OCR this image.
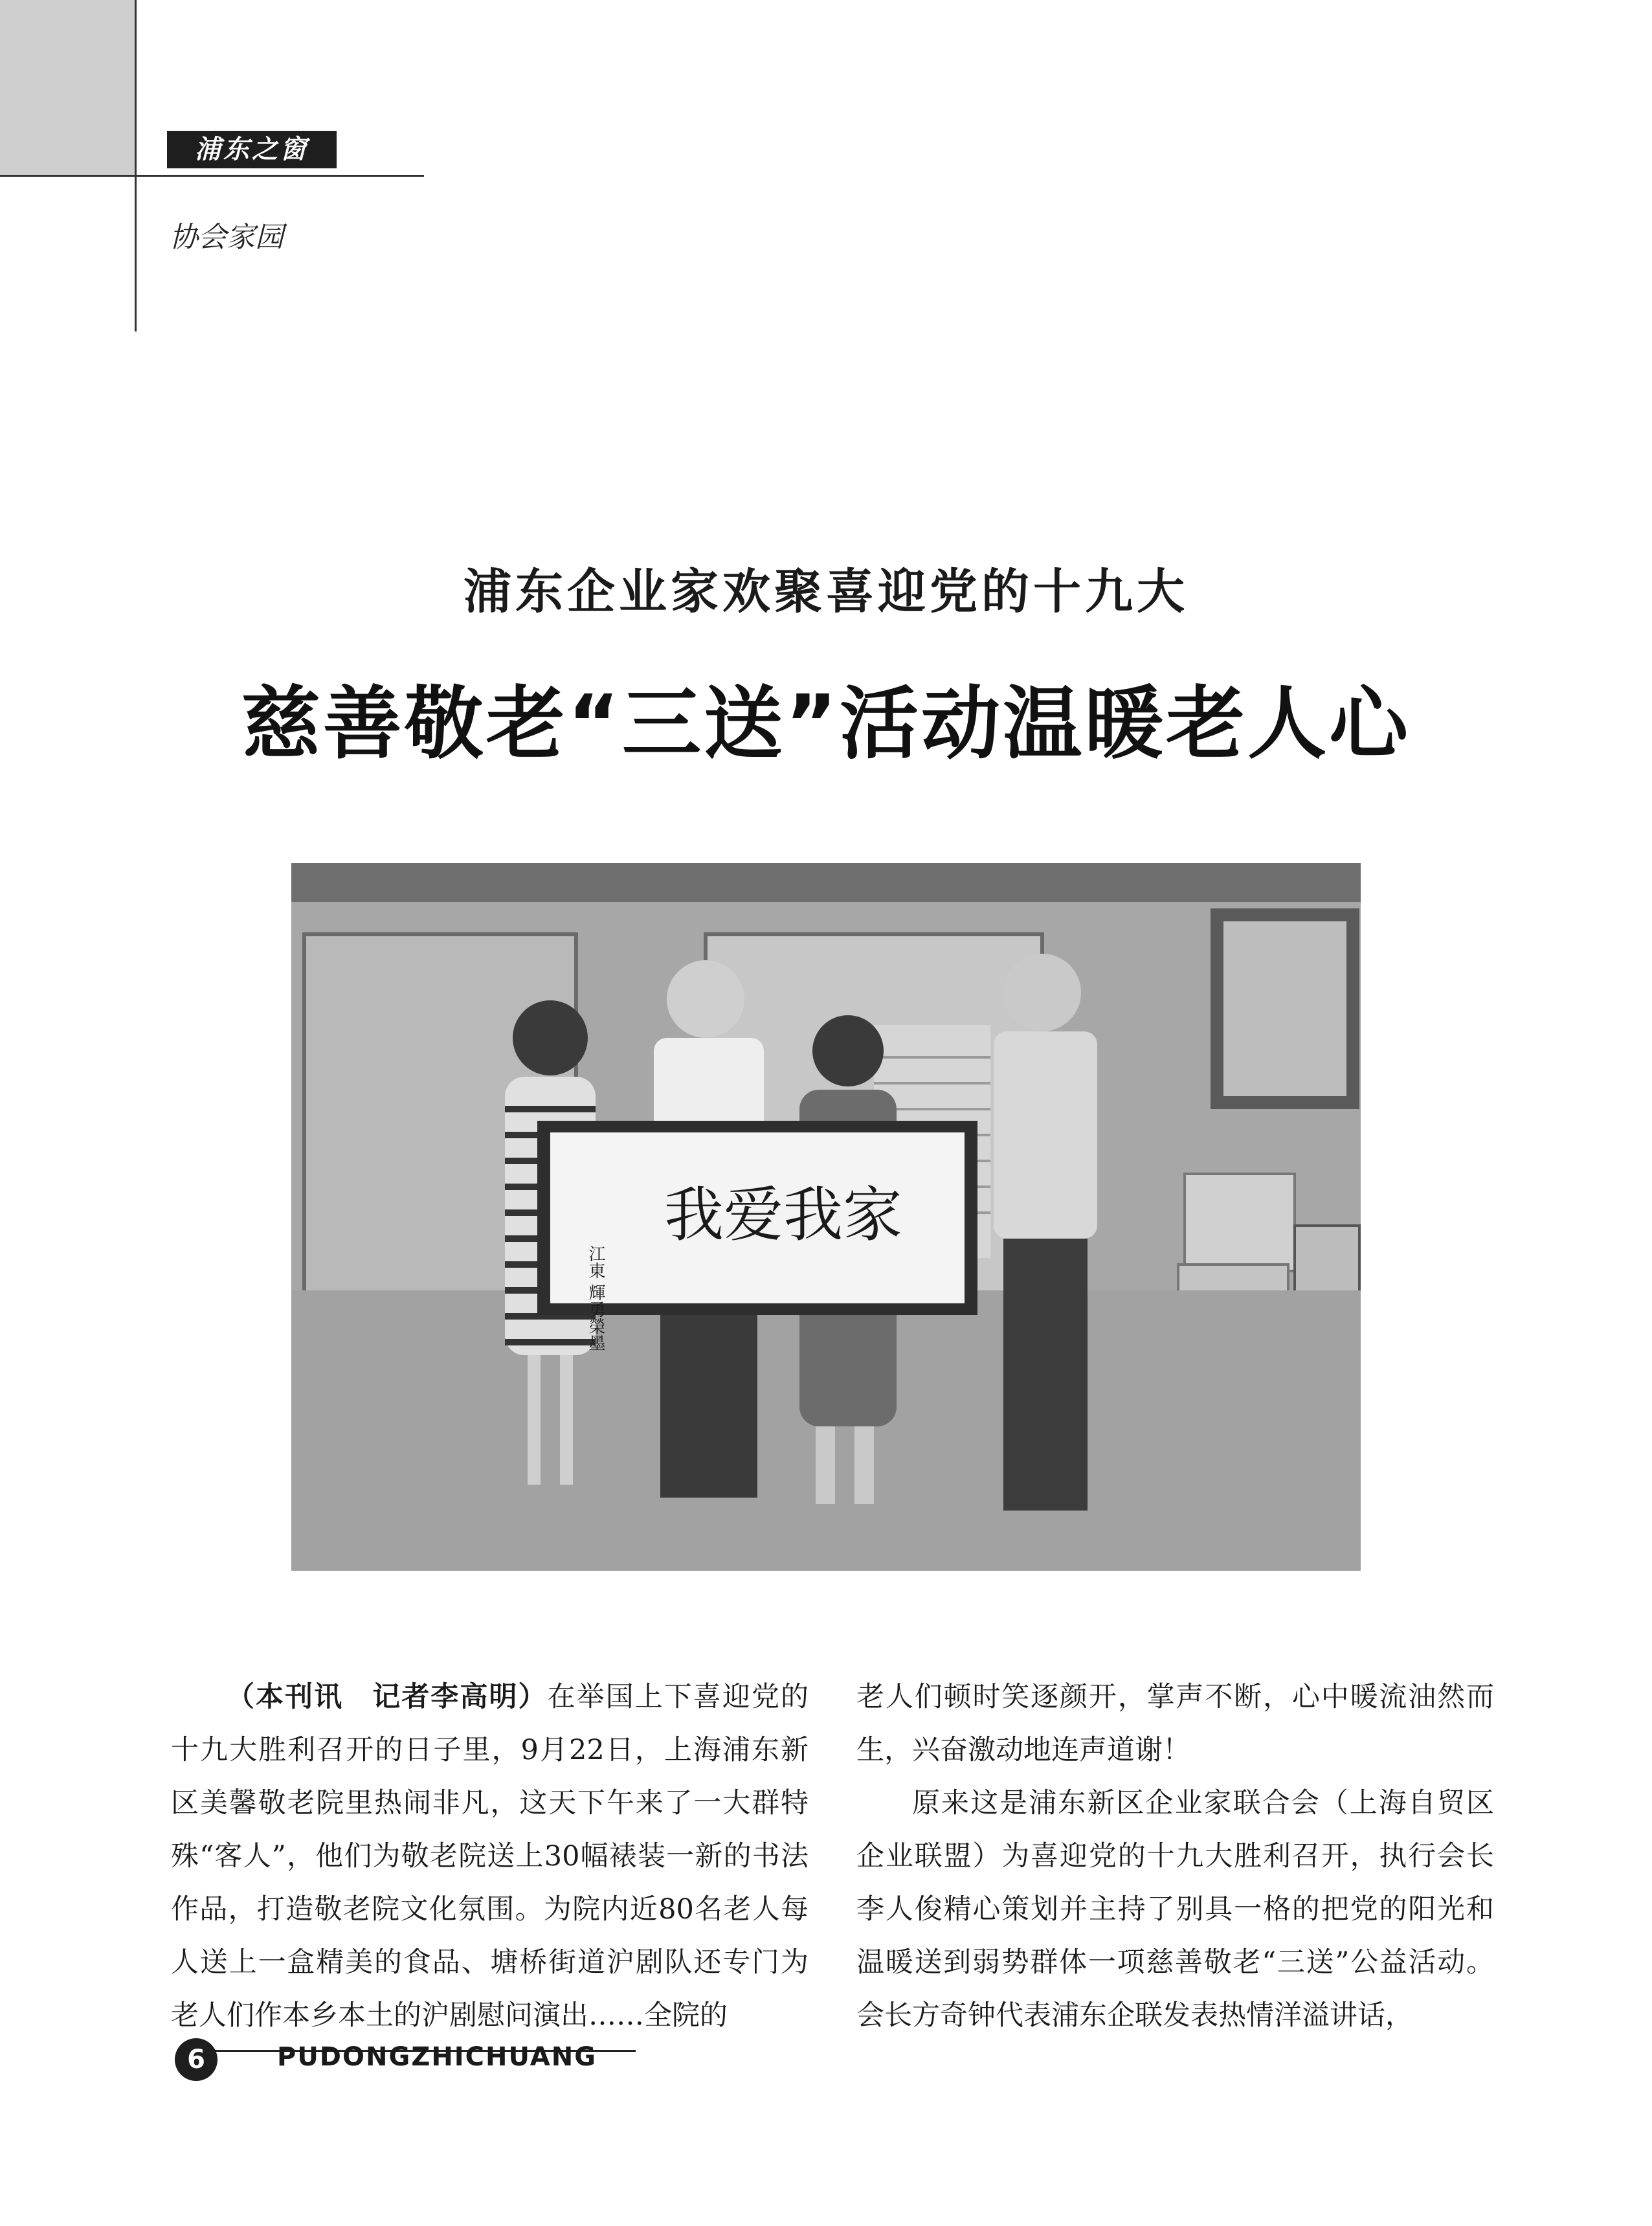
浦东之窗
协会家园
浦东企业家欢聚喜迎党的十九大
慈善敬老“三送”活动温暖老人心
我爱我家
江東 輝勇榮墨

（本刊讯　记者李高明）在举国上下喜迎党的十九大胜利召开的日子里，9月22日，上海浦东新区美馨敬老院里热闹非凡，这天下午来了一大群特殊“客人”，他们为敬老院送上30幅裱装一新的书法作品，打造敬老院文化氛围。为院内近80名老人每人送上一盒精美的食品、塘桥街道沪剧队还专门为老人们作本乡本土的沪剧慰问演出……全院的

老人们顿时笑逐颜开，掌声不断，心中暖流油然而生，兴奋激动地连声道谢！

原来这是浦东新区企业家联合会（上海自贸区企业联盟）为喜迎党的十九大胜利召开，执行会长李人俊精心策划并主持了别具一格的把党的阳光和温暖送到弱势群体一项慈善敬老“三送”公益活动。会长方奇钟代表浦东企联发表热情洋溢讲话，

6	PUDONGZHICHUANG
